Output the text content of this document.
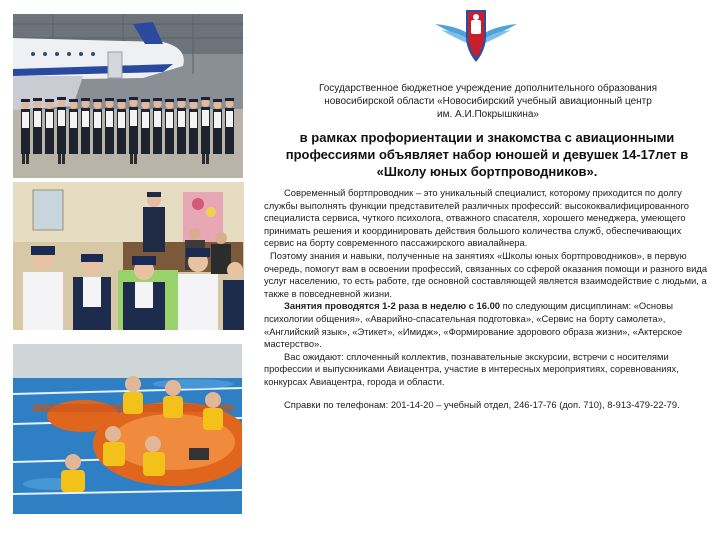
Государственное бюджетное учреждение дополнительного образования
новосибирской области «Новосибирский учебный авиационный центр
им. А.И.Покрышкина»
в рамках профориентации и знакомства с авиационными
профессиями объявляет набор юношей и девушек 14-17лет в
«Школу юных бортпроводников».

Современный бортпроводник – это уникальный специалист, которому приходится по долгу службы выполнять функции представителей различных профессий: высококвалифицированного специалиста сервиса, чуткого психолога, отважного спасателя, хорошего менеджера, умеющего принимать решения и координировать действия большого количества служб, обеспечивающих сервис на борту современного пассажирского авиалайнера.

Поэтому знания и навыки, полученные на занятиях «Школы юных бортпроводников», в первую очередь, помогут вам в освоении профессий, связанных со сферой оказания помощи и разного вида услуг населению, то есть работе, где основной составляющей является взаимодействие с людьми, а также в повседневной жизни.

Занятия проводятся 1-2 раза в неделю с 16.00 по следующим дисциплинам: «Основы психологии общения», «Аварийно-спасательная подготовка», «Сервис на борту самолета», «Английский язык», «Этикет», «Имидж», «Формирование здорового образа жизни», «Актерское мастерство».

Вас ожидают: сплоченный коллектив, познавательные экскурсии, встречи с носителями профессии и выпускниками Авиацентра, участие в интересных мероприятиях, соревнованиях, конкурсах Авиацентра, города и области.

Справки по телефонам: 201-14-20 – учебный отдел, 246-17-76 (доп. 710), 8-913-479-22-79.
